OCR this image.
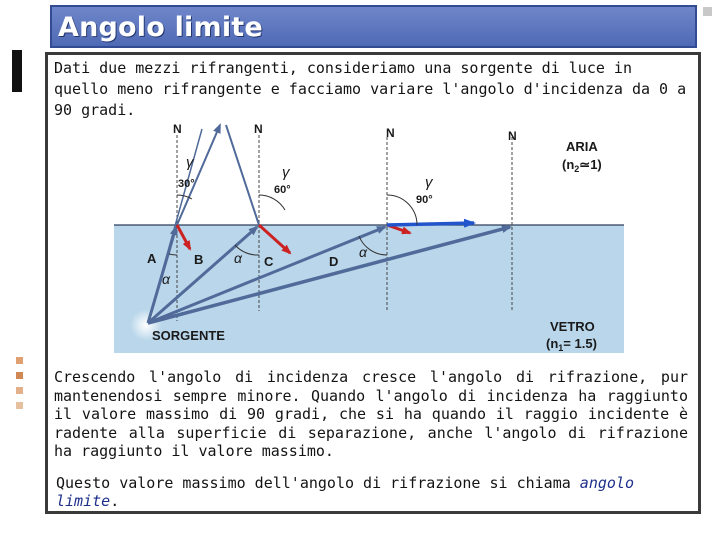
Angolo limite
Dati due mezzi rifrangenti, consideriamo una sorgente di luce in quello meno rifrangente e facciamo variare l'angolo d'incidenza da 0 a 90 gradi.
N	N	N	N
γ
γ
γ
30°	60°
90°
A	B	C	D
α
α	α
ARIA
$(n_2≃1)$
VETRO
$(n_1= 1.5)$
SORGENTE
Crescendo l'angolo di incidenza cresce l'angolo di rifrazione, pur mantenendosi sempre minore. Quando l'angolo di incidenza ha raggiunto il valore massimo di 90 gradi, che si ha quando il raggio incidente è radente alla superficie di separazione, anche l'angolo di rifrazione ha raggiunto il valore massimo.
Questo valore massimo dell'angolo di rifrazione si chiama angolo limite.
